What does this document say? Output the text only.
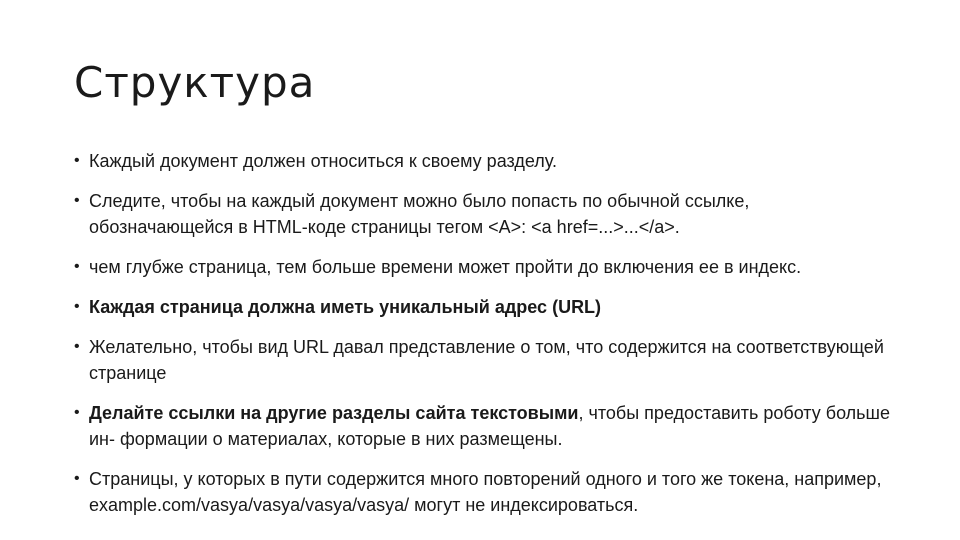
Структура
• Каждый документ должен относиться к своему разделу.
• Следите, чтобы на каждый документ можно было попасть по обычной ссылке, обозначающейся в HTML-коде страницы тегом <A>: <a href=...>...</a>.
• чем глубже страница, тем больше времени может пройти до включения ее в индекс.
• Каждая страница должна иметь уникальный адрес (URL)
• Желательно, чтобы вид URL давал представление о том, что содержится на соответствующей странице
• Делайте ссылки на другие разделы сайта текстовыми, чтобы предоставить роботу больше ин- формации о материалах, которые в них размещены.
• Страницы, у которых в пути содержится много повторений одного и того же токена, например, example.com/vasya/vasya/vasya/vasya/ могут не индексироваться.
